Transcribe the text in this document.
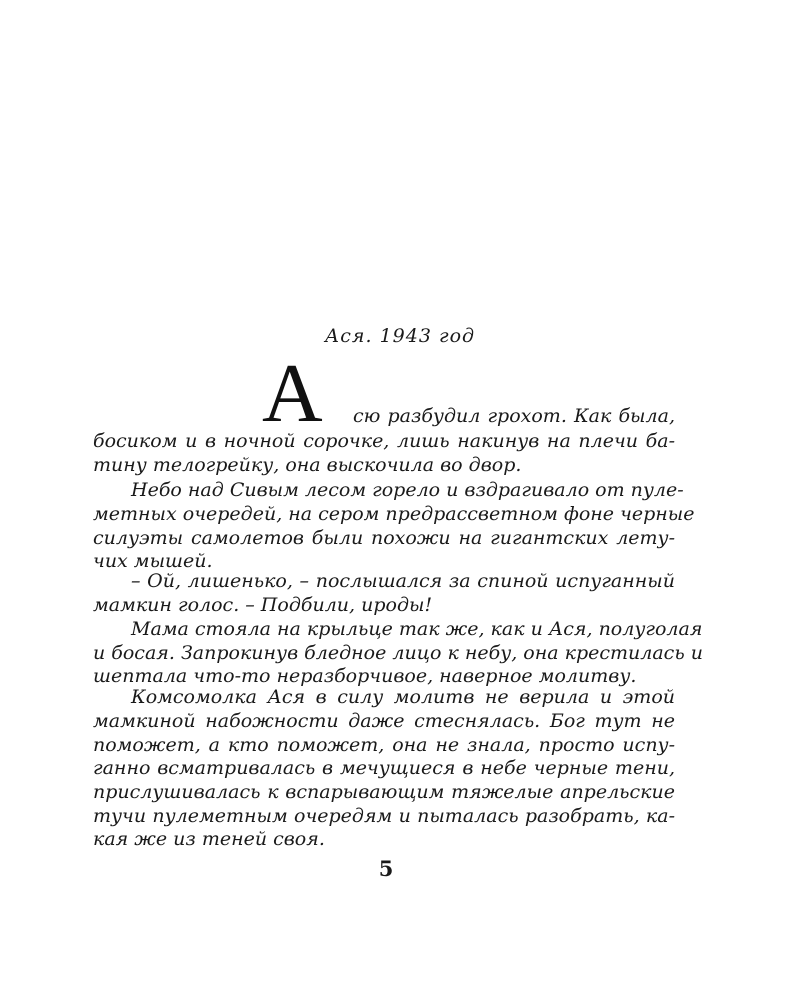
Ася. 1943 год
А сю разбудил грохот. Как была,
босиком и в ночной сорочке, лишь накинув на плечи ба-
тину телогрейку, она выскочила во двор.
Небо над Сивым лесом горело и вздрагивало от пуле-
метных очередей, на сером предрассветном фоне черные
силуэты самолетов были похожи на гигантских лету-
чих мышей.
– Ой, лишенько, – послышался за спиной испуганный
мамкин голос. – Подбили, ироды!
Мама стояла на крыльце так же, как и Ася, полуголая
и босая. Запрокинув бледное лицо к небу, она крестилась и
шептала что-то неразборчивое, наверное молитву.
Комсомолка Ася в силу молитв не верила и этой
мамкиной набожности даже стеснялась. Бог тут не
поможет, а кто поможет, она не знала, просто испу-
ганно всматривалась в мечущиеся в небе черные тени,
прислушивалась к вспарывающим тяжелые апрельские
тучи пулеметным очередям и пыталась разобрать, ка-
кая же из теней своя.
5
